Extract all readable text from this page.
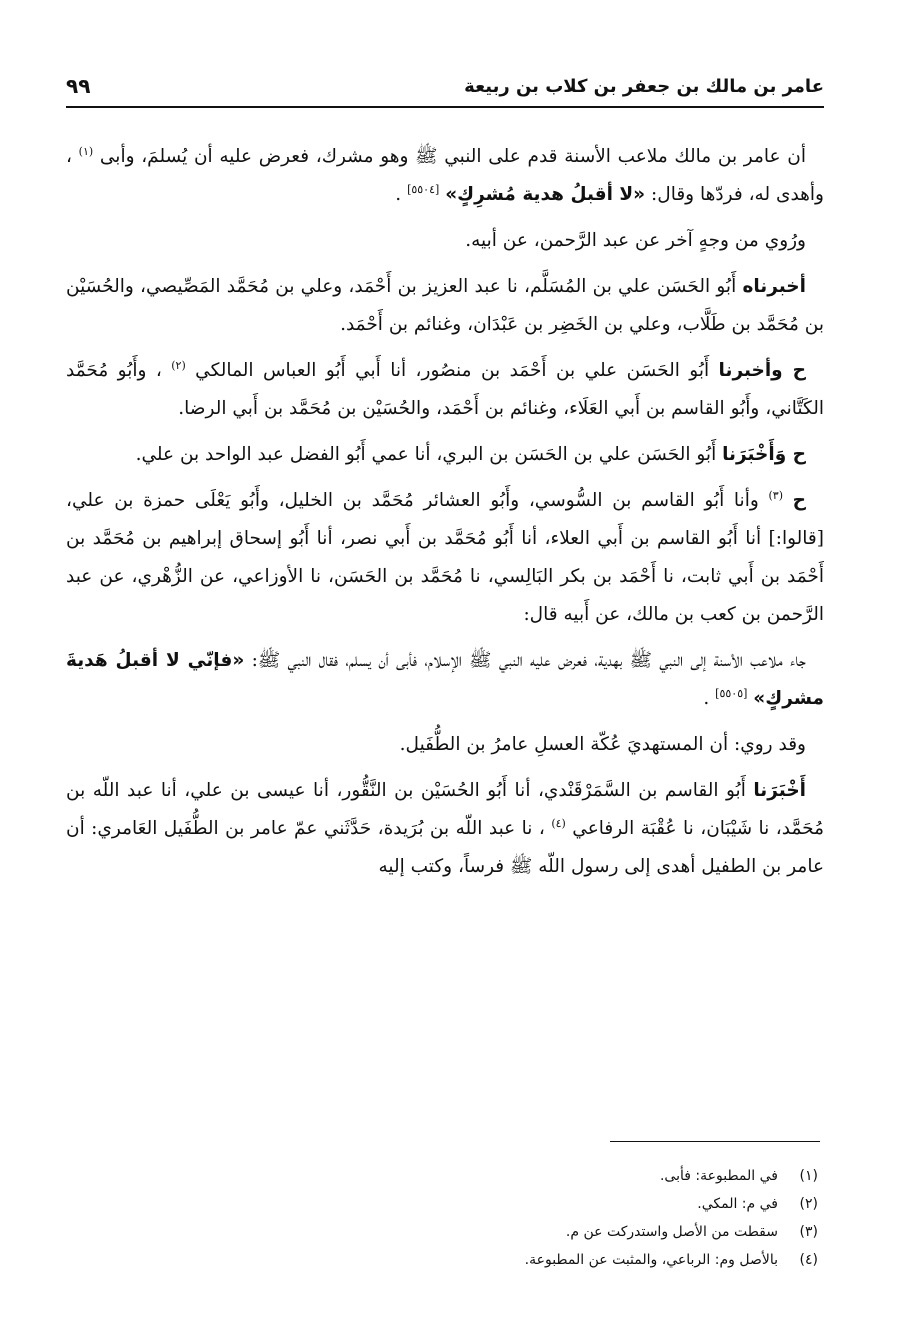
عامر بن مالك بن جعفر بن كلاب بن ربيعة
٩٩

أن عامر بن مالك ملاعب الأسنة قدم على النبي ﷺ وهو مشرك، فعرض عليه أن يُسلمَ، وأبى $^{(١)}$ ، وأهدى له، فردّها وقال: «لا أقبلُ هدية مُشرِكٍ» [٥٥٠٤] .

ورُوي من وجهٍ آخر عن عبد الرَّحمن، عن أبيه.

أخبرناه أَبُو الحَسَن علي بن المُسَلَّم، نا عبد العزيز بن أَحْمَد، وعلي بن مُحَمَّد المَصِّيصي، والحُسَيْن بن مُحَمَّد بن طَلَّاب، وعلي بن الخَضِر بن عَبْدَان، وغنائم بن أَحْمَد.

ح وأخبرنا أَبُو الحَسَن علي بن أَحْمَد بن منصُور، أنا أَبي أَبُو العباس المالكي $^{(٢)}$ ، وأَبُو مُحَمَّد الكَتَّاني، وأَبُو القاسم بن أَبي العَلَاء، وغنائم بن أَحْمَد، والحُسَيْن بن مُحَمَّد بن أَبي الرضا.

ح وَأَخْبَرَنا أَبُو الحَسَن علي بن الحَسَن بن البري، أنا عمي أَبُو الفضل عبد الواحد بن علي.

ح $^{(٣)}$ وأنا أَبُو القاسم بن السُّوسي، وأَبُو العشائر مُحَمَّد بن الخليل، وأَبُو يَعْلَى حمزة بن علي، [قالوا:] أنا أَبُو القاسم بن أَبي العلاء، أنا أَبُو مُحَمَّد بن أَبي نصر، أنا أَبُو إسحاق إبراهيم بن مُحَمَّد بن أَحْمَد بن أَبي ثابت، نا أَحْمَد بن بكر البَالِسي، نا مُحَمَّد بن الحَسَن، نا الأوزاعي، عن الزُّهْري، عن عبد الرَّحمن بن كعب بن مالك، عن أَبيه قال:

جاء ملاعب الأسنة إلى النبي ﷺ بهدية، فعرض عليه النبي ﷺ الإسلام، فأبى أن يسلم، فقال النبي ﷺ: «فإنّي لا أقبلُ هَديةَ مشركٍ» [٥٥٠٥] .

وقد روي: أن المستهديَ عُكّة العسلِ عامرُ بن الطُّفَيل.

أَخْبَرَنا أَبُو القاسم بن السَّمَرْقَنْدي، أنا أَبُو الحُسَيْن بن النَّقُّور، أنا عيسى بن علي، أنا عبد اللّه بن مُحَمَّد، نا شَيْبَان، نا عُقْبَة الرفاعي $^{(٤)}$ ، نا عبد اللّه بن بُرَيدة، حَدَّثَني عمّ عامر بن الطُّفَيل العَامري: أن عامر بن الطفيل أهدى إلى رسول اللّه ﷺ فرساً، وكتب إليه

(١)في المطبوعة: فأبى.

(٢)في م: المكي.

(٣)سقطت من الأصل واستدركت عن م.

(٤)بالأصل وم: الرباعي، والمثبت عن المطبوعة.
